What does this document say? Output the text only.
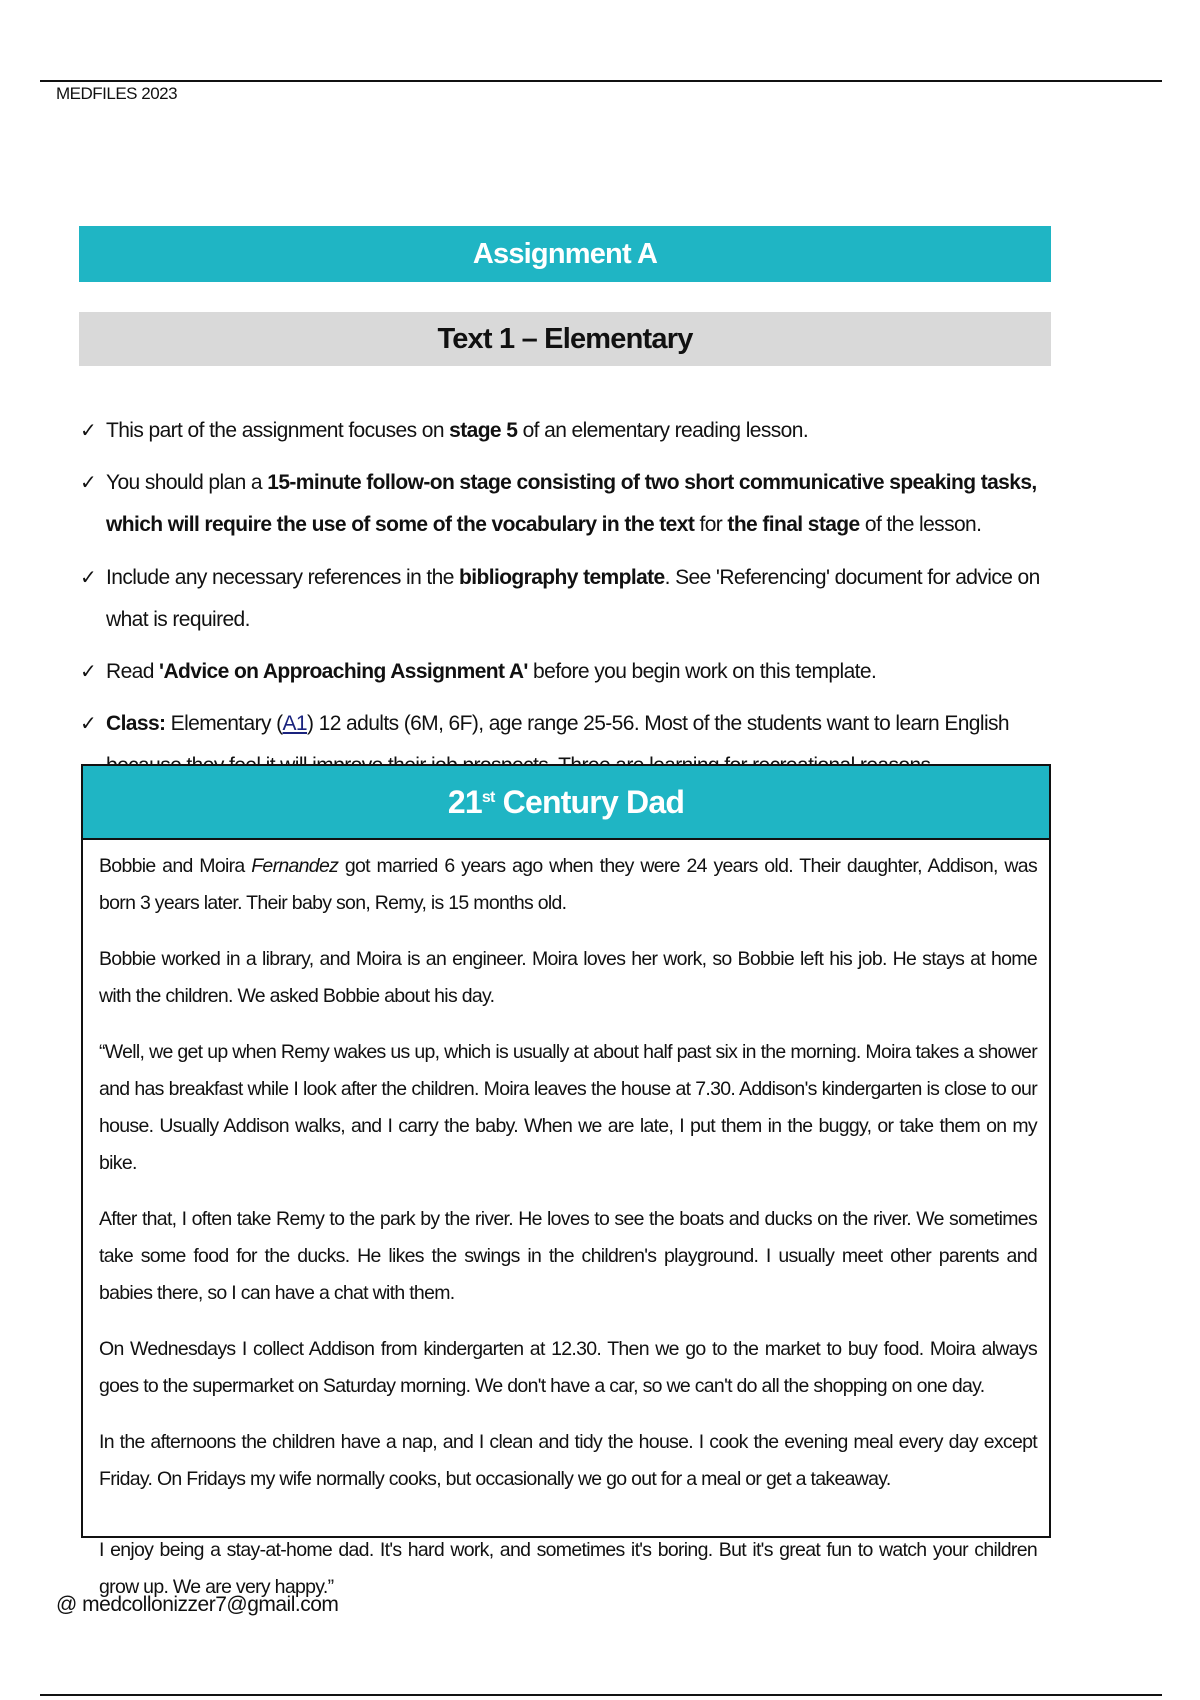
MEDFILES 2023
Assignment A
Text 1 – Elementary
✓ This part of the assignment focuses on stage 5 of an elementary reading lesson.
✓ You should plan a 15-minute follow-on stage consisting of two short communicative speaking tasks, which will require the use of some of the vocabulary in the text for the final stage of the lesson.
✓ Include any necessary references in the bibliography template. See 'Referencing' document for advice on what is required.
✓ Read 'Advice on Approaching Assignment A' before you begin work on this template.
✓ Class: Elementary (A1) 12 adults (6M, 6F), age range 25-56. Most of the students want to learn English
21st Century Dad

Bobbie and Moira Fernandez got married 6 years ago when they were 24 years old. Their daughter, Addison, was born 3 years later. Their baby son, Remy, is 15 months old.

Bobbie worked in a library, and Moira is an engineer. Moira loves her work, so Bobbie left his job. He stays at home with the children. We asked Bobbie about his day.

“Well, we get up when Remy wakes us up, which is usually at about half past six in the morning. Moira takes a shower and has breakfast while I look after the children. Moira leaves the house at 7.30. Addison's kindergarten is close to our house. Usually Addison walks, and I carry the baby. When we are late, I put them in the buggy, or take them on my bike.

After that, I often take Remy to the park by the river. He loves to see the boats and ducks on the river. We sometimes take some food for the ducks. He likes the swings in the children's playground. I usually meet other parents and babies there, so I can have a chat with them.

On Wednesdays I collect Addison from kindergarten at 12.30. Then we go to the market to buy food. Moira always goes to the supermarket on Saturday morning. We don't have a car, so we can't do all the shopping on one day.

In the afternoons the children have a nap, and I clean and tidy the house. I cook the evening meal every day except Friday. On Fridays my wife normally cooks, but occasionally we go out for a meal or get a takeaway.

I enjoy being a stay-at-home dad. It's hard work, and sometimes it's boring. But it's great fun to watch your children grow up. We are very happy.”

@ medcollonizzer7@gmail.com
